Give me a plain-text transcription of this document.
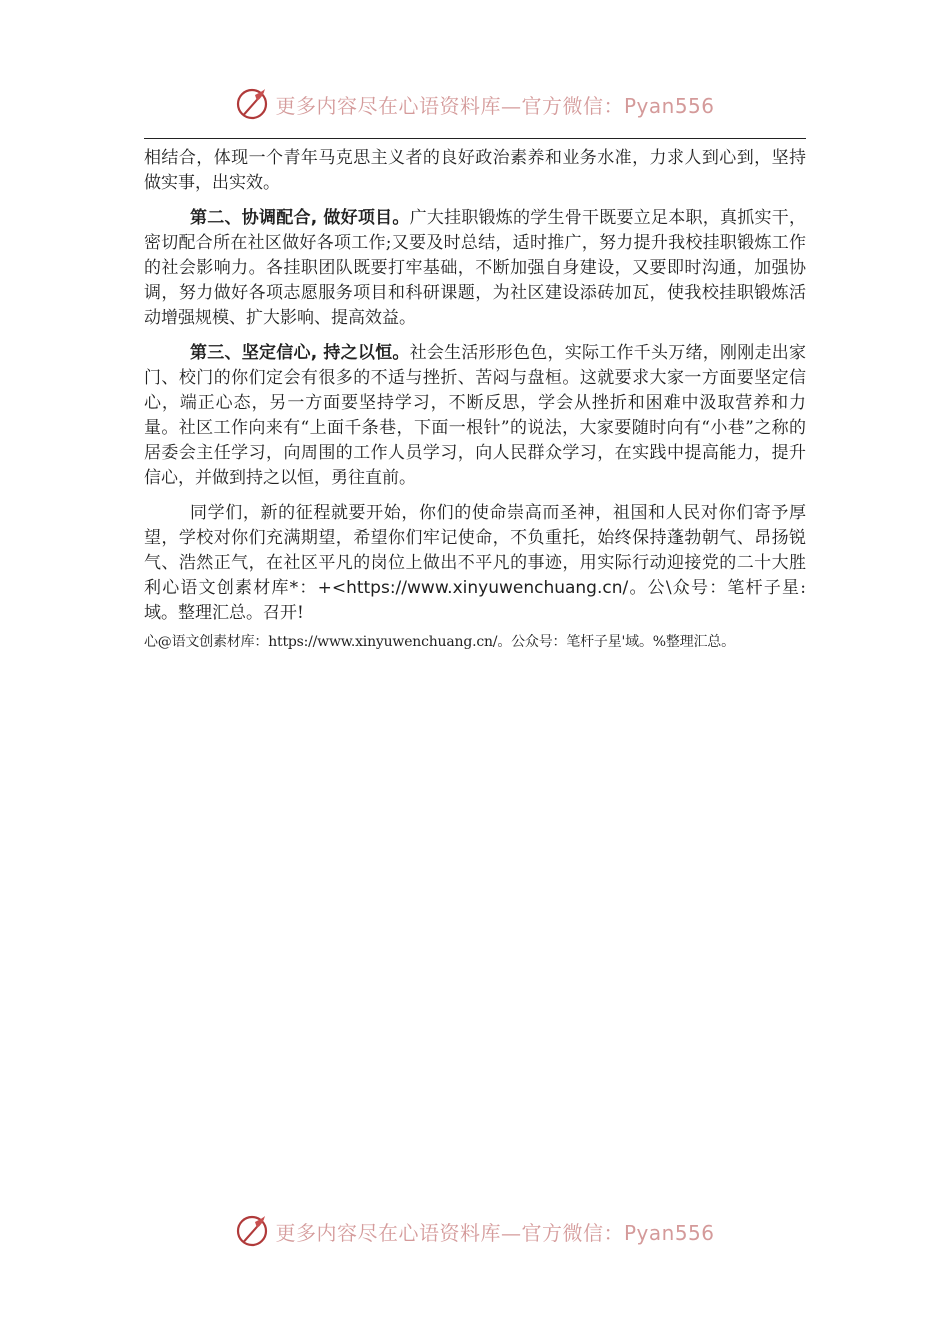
更多内容尽在心语资料库—官方微信：Pyan556

相结合，体现一个青年马克思主义者的良好政治素养和业务水准，力求人到心到，坚持做实事，出实效。

第二、协调配合, 做好项目。广大挂职锻炼的学生骨干既要立足本职，真抓实干，密切配合所在社区做好各项工作;又要及时总结，适时推广，努力提升我校挂职锻炼工作的社会影响力。各挂职团队既要打牢基础，不断加强自身建设，又要即时沟通，加强协调，努力做好各项志愿服务项目和科研课题，为社区建设添砖加瓦，使我校挂职锻炼活动增强规模、扩大影响、提高效益。

第三、坚定信心, 持之以恒。社会生活形形色色，实际工作千头万绪，刚刚走出家门、校门的你们定会有很多的不适与挫折、苦闷与盘桓。这就要求大家一方面要坚定信心，端正心态，另一方面要坚持学习，不断反思，学会从挫折和困难中汲取营养和力量。社区工作向来有“上面千条巷，下面一根针”的说法，大家要随时向有“小巷”之称的居委会主任学习，向周围的工作人员学习，向人民群众学习，在实践中提高能力，提升信心，并做到持之以恒，勇往直前。

同学们，新的征程就要开始，你们的使命崇高而圣神，祖国和人民对你们寄予厚望，学校对你们充满期望，希望你们牢记使命，不负重托，始终保持蓬勃朝气、昂扬锐气、浩然正气，在社区平凡的岗位上做出不平凡的事迹，用实际行动迎接党的二十大胜利心语文创素材库*：+<https://www.xinyuwenchuang.cn/。公\众号：笔杆子星:域。整理汇总。召开!

心@语文创素材库：https://www.xinyuwenchuang.cn/。公众号：笔杆子星'域。%整理汇总。
更多内容尽在心语资料库—官方微信：Pyan556
